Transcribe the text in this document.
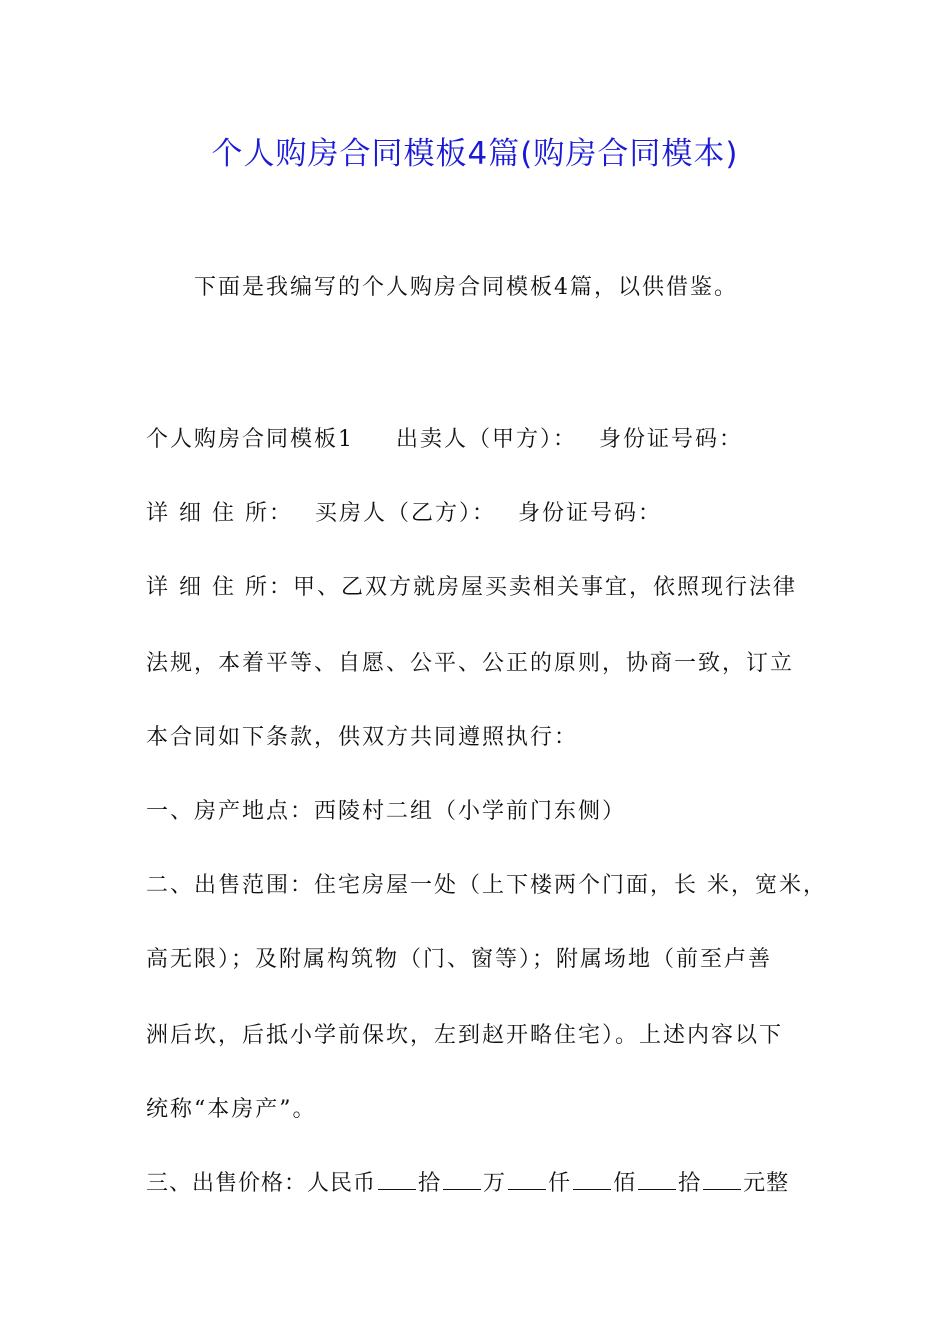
个人购房合同模板4篇(购房合同模本)
下面是我编写的个人购房合同模板4篇，以供借鉴。
个人购房合同模板1 出卖人（甲方）： 身份证号码：
详 细 住 所： 买房人（乙方）： 身份证号码：
详 细 住 所：甲、乙双方就房屋买卖相关事宜，依照现行法律
法规，本着平等、自愿、公平、公正的原则，协商一致，订立
本合同如下条款，供双方共同遵照执行：
一、房产地点：西陵村二组（小学前门东侧）
二、出售范围：住宅房屋一处（上下楼两个门面，长 米，宽米，
高无限）；及附属构筑物（门、窗等）；附属场地（前至卢善
洲后坎，后抵小学前保坎，左到赵开略住宅）。上述内容以下
统称“本房产”。
三、出售价格：人民币 拾 万 仟 佰 拾 元整
